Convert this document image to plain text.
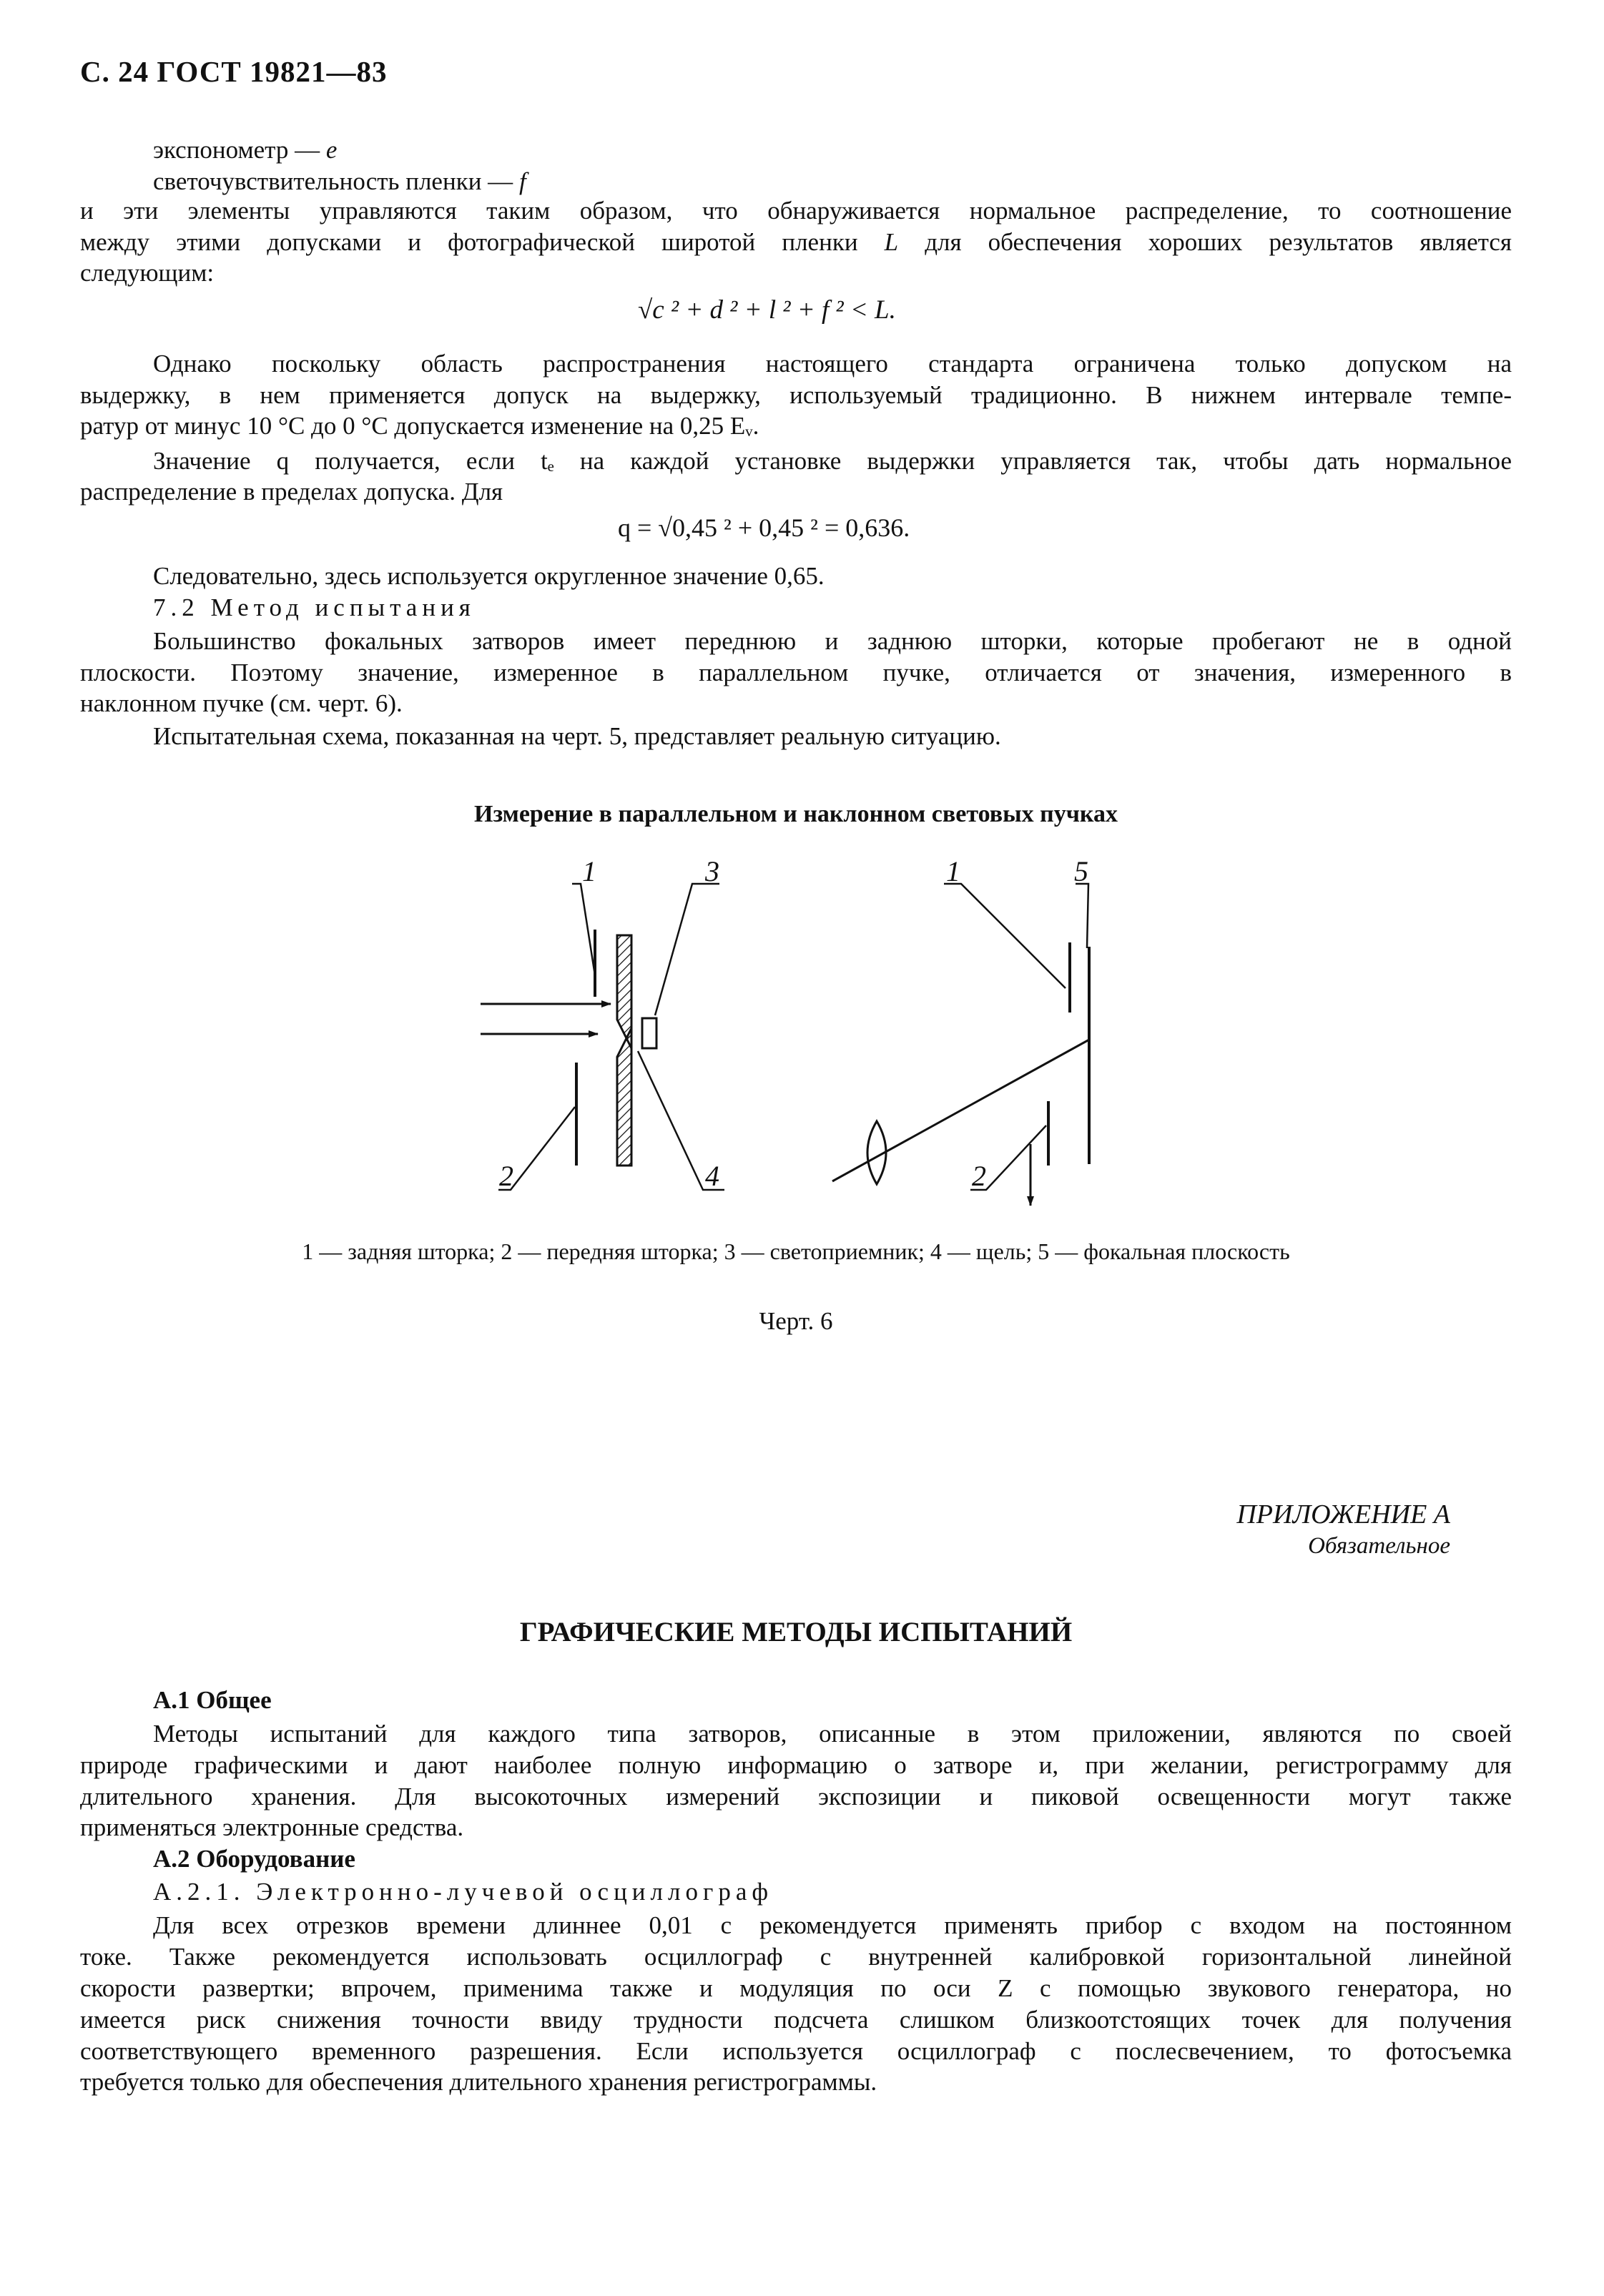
С. 24 ГОСТ 19821—83
экспонометр — e
светочувствительность пленки — f
и эти элементы управляются таким образом, что обнаруживается нормальное распределение, то соотношение
между этими допусками и фотографической широтой пленки L для обеспечения хороших результатов является
следующим:
√c ² + d ² + l ² + f ² < L.
Однако поскольку область распространения настоящего стандарта ограничена только допуском на
выдержку, в нем применяется допуск на выдержку, используемый традиционно. В нижнем интервале темпе-
ратур от минус 10 °С до 0 °С допускается изменение на 0,25 Eᵥ.
Значение q получается, если tₑ на каждой установке выдержки управляется так, чтобы дать нормальное
распределение в пределах допуска. Для
q = √0,45 ² + 0,45 ² = 0,636.
Следовательно, здесь используется округленное значение 0,65.
7.2 Метод испытания
Большинство фокальных затворов имеет переднюю и заднюю шторки, которые пробегают не в одной
плоскости. Поэтому значение, измеренное в параллельном пучке, отличается от значения, измеренного в
наклонном пучке (см. черт. 6).
Испытательная схема, показанная на черт. 5, представляет реальную ситуацию.
Измерение в параллельном и наклонном световых пучках
1	3
2	4
1	5
2
1 — задняя шторка; 2 — передняя шторка; 3 — светоприемник; 4 — щель; 5 — фокальная плоскость
Черт. 6
ПРИЛОЖЕНИЕ А
Обязательное
ГРАФИЧЕСКИЕ МЕТОДЫ ИСПЫТАНИЙ
А.1 Общее
Методы испытаний для каждого типа затворов, описанные в этом приложении, являются по своей
природе графическими и дают наиболее полную информацию о затворе и, при желании, регистрограмму для
длительного хранения. Для высокоточных измерений экспозиции и пиковой освещенности могут также
применяться электронные средства.
А.2 Оборудование
А.2.1. Электронно-лучевой осциллограф
Для всех отрезков времени длиннее 0,01 с рекомендуется применять прибор с входом на постоянном
токе. Также рекомендуется использовать осциллограф с внутренней калибровкой горизонтальной линейной
скорости развертки; впрочем, применима также и модуляция по оси Z с помощью звукового генератора, но
имеется риск снижения точности ввиду трудности подсчета слишком близкоотстоящих точек для получения
соответствующего временного разрешения. Если используется осциллограф с послесвечением, то фотосъемка
требуется только для обеспечения длительного хранения регистрограммы.
